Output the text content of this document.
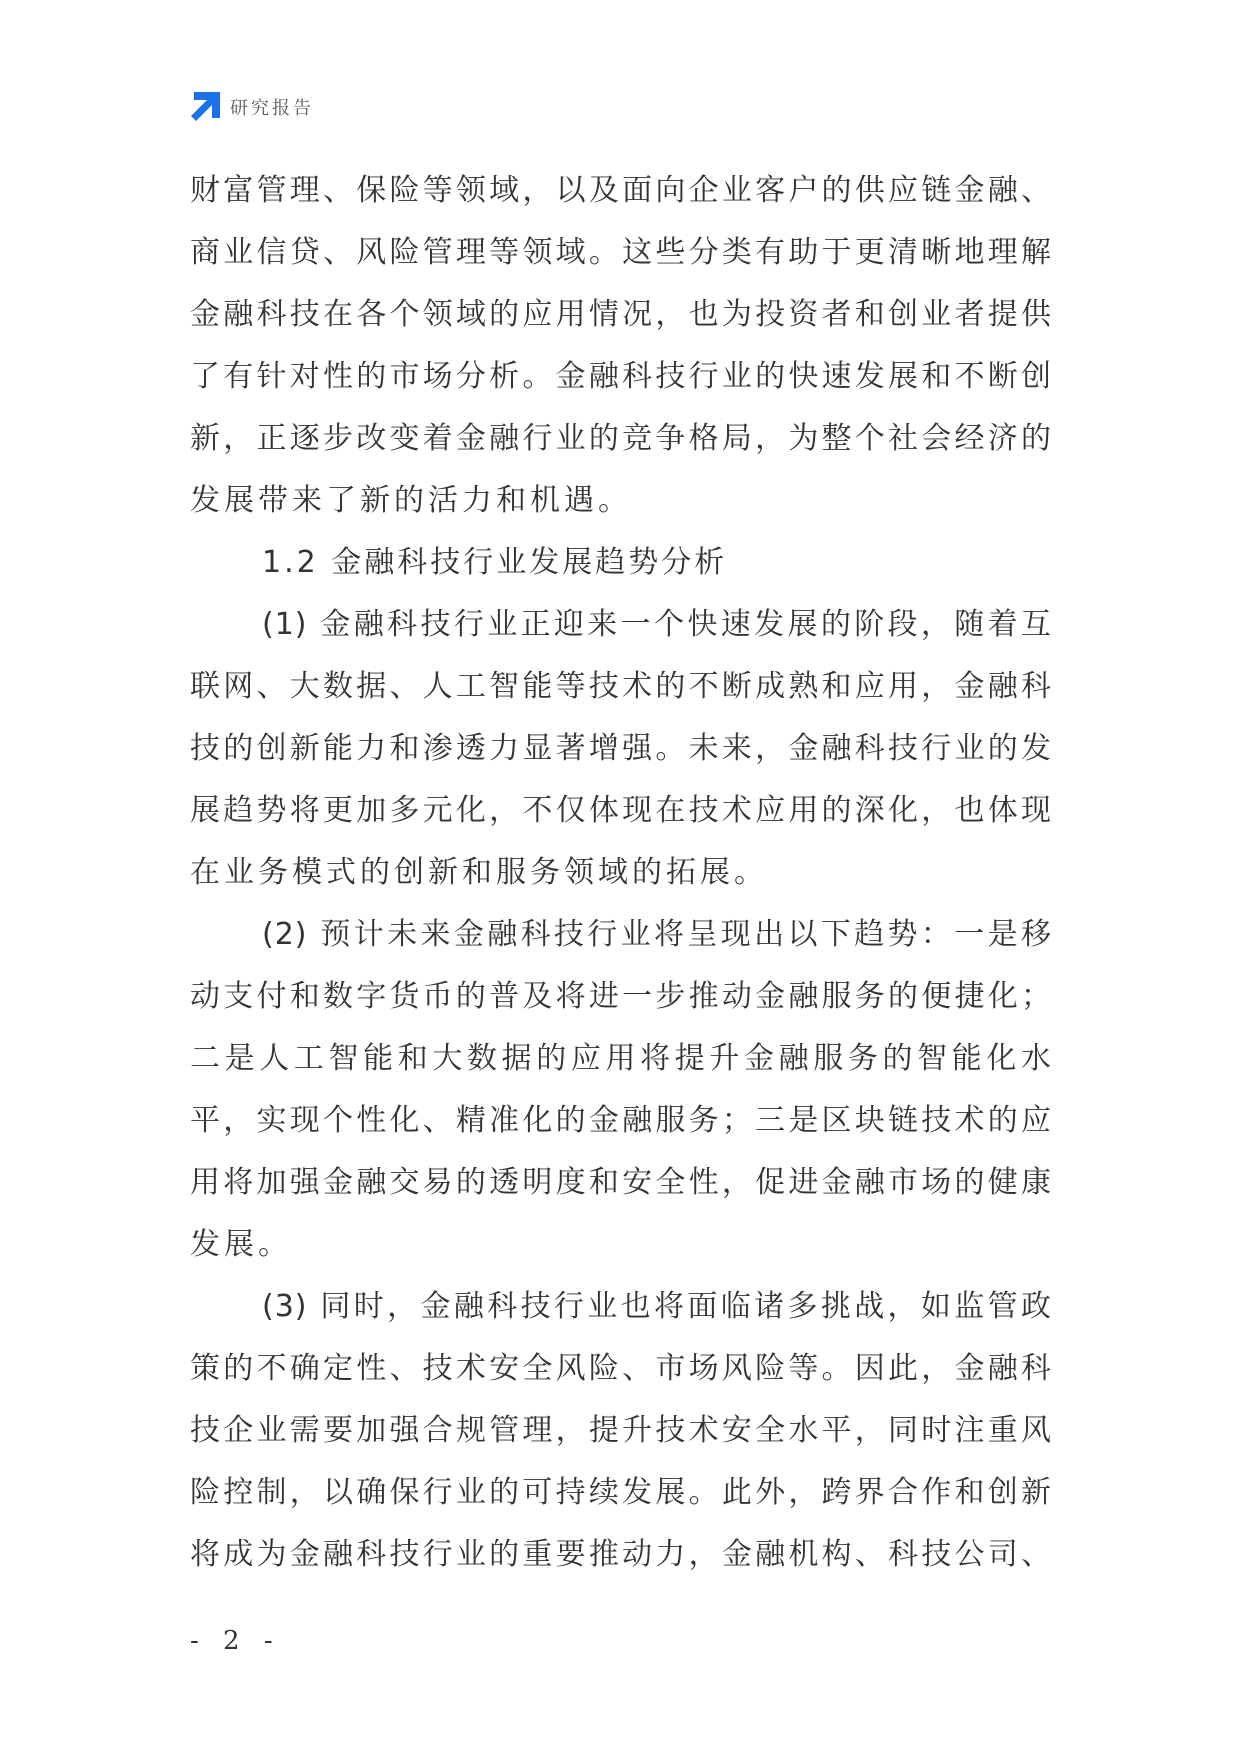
研究报告
财富管理、保险等领域，以及面向企业客户的供应链金融、
商业信贷、风险管理等领域。这些分类有助于更清晰地理解
金融科技在各个领域的应用情况，也为投资者和创业者提供
了有针对性的市场分析。金融科技行业的快速发展和不断创
新，正逐步改变着金融行业的竞争格局，为整个社会经济的
发展带来了新的活力和机遇。
1.2 金融科技行业发展趋势分析
(1) 金融科技行业正迎来一个快速发展的阶段，随着互
联网、大数据、人工智能等技术的不断成熟和应用，金融科
技的创新能力和渗透力显著增强。未来，金融科技行业的发
展趋势将更加多元化，不仅体现在技术应用的深化，也体现
在业务模式的创新和服务领域的拓展。
(2) 预计未来金融科技行业将呈现出以下趋势：一是移
动支付和数字货币的普及将进一步推动金融服务的便捷化；
二是人工智能和大数据的应用将提升金融服务的智能化水
平，实现个性化、精准化的金融服务；三是区块链技术的应
用将加强金融交易的透明度和安全性，促进金融市场的健康
发展。
(3) 同时，金融科技行业也将面临诸多挑战，如监管政
策的不确定性、技术安全风险、市场风险等。因此，金融科
技企业需要加强合规管理，提升技术安全水平，同时注重风
险控制，以确保行业的可持续发展。此外，跨界合作和创新
将成为金融科技行业的重要推动力，金融机构、科技公司、
- 2 -
